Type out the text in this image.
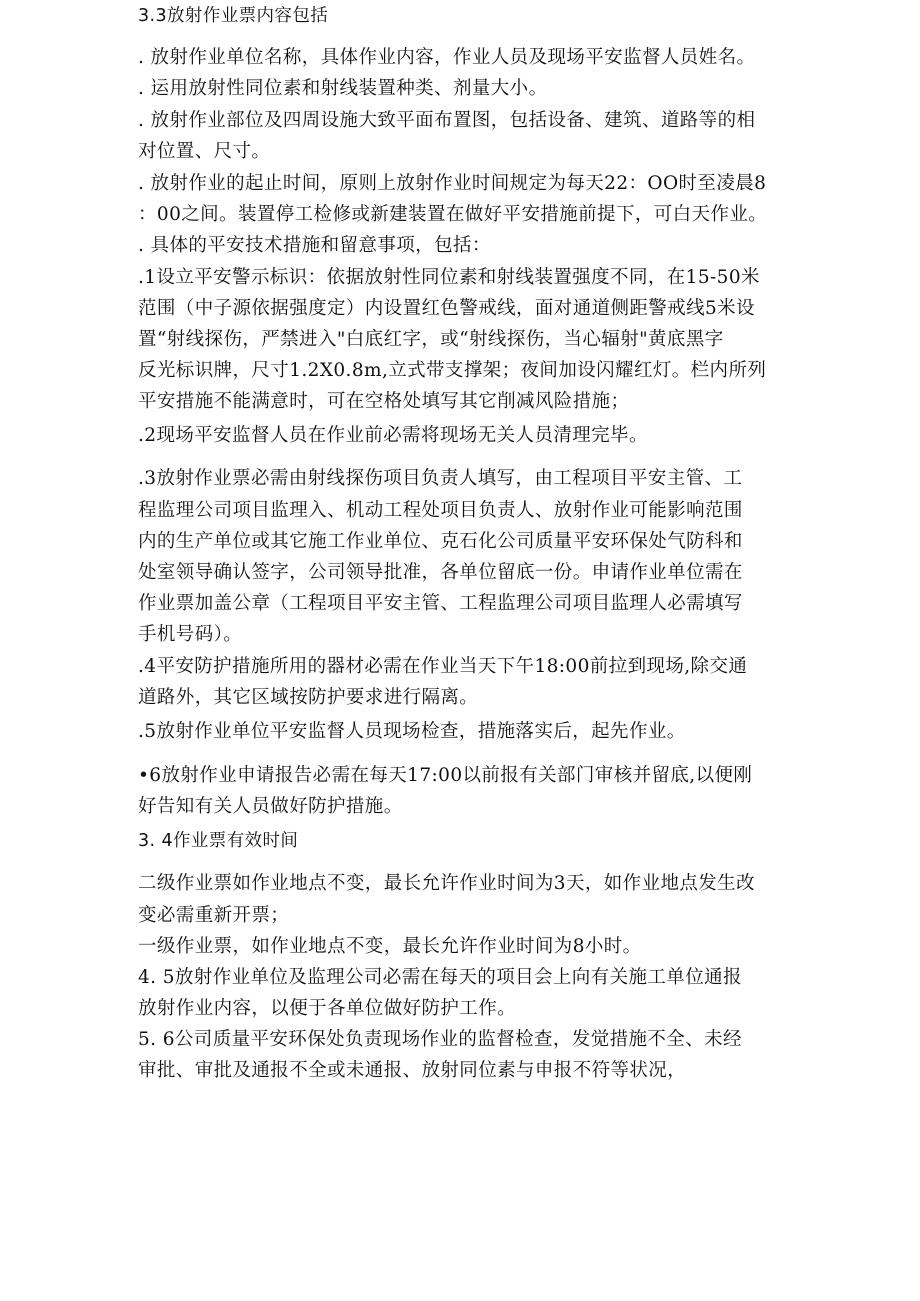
3.3放射作业票内容包括
. 放射作业单位名称，具体作业内容，作业人员及现场平安监督人员姓名。
. 运用放射性同位素和射线装置种类、剂量大小。
. 放射作业部位及四周设施大致平面布置图，包括设备、建筑、道路等的相
对位置、尺寸。
. 放射作业的起止时间，原则上放射作业时间规定为每天22：OO时至凌晨8
：00之间。装置停工检修或新建装置在做好平安措施前提下，可白天作业。
. 具体的平安技术措施和留意事项，包括：
.1设立平安警示标识：依据放射性同位素和射线装置强度不同，在15-50米
范围（中子源依据强度定）内设置红色警戒线，面对通道侧距警戒线5米设
置“射线探伤，严禁进入"白底红字，或“射线探伤，当心辐射"黄底黑字
反光标识牌，尺寸1.2X0.8m,立式带支撑架；夜间加设闪耀红灯。栏内所列
平安措施不能满意时，可在空格处填写其它削减风险措施；
.2现场平安监督人员在作业前必需将现场无关人员清理完毕。
.3放射作业票必需由射线探伤项目负责人填写，由工程项目平安主管、工
程监理公司项目监理入、机动工程处项目负责人、放射作业可能影响范围
内的生产单位或其它施工作业单位、克石化公司质量平安环保处气防科和
处室领导确认签字，公司领导批准，各单位留底一份。申请作业单位需在
作业票加盖公章（工程项目平安主管、工程监理公司项目监理人必需填写
手机号码）。
.4平安防护措施所用的器材必需在作业当天下午18:00前拉到现场,除交通
道路外，其它区域按防护要求进行隔离。
.5放射作业单位平安监督人员现场检查，措施落实后，起先作业。
•6放射作业申请报告必需在每天17:00以前报有关部门审核并留底,以便刚
好告知有关人员做好防护措施。
3. 4作业票有效时间
二级作业票如作业地点不变，最长允许作业时间为3天，如作业地点发生改
变必需重新开票；
一级作业票，如作业地点不变，最长允许作业时间为8小时。
4. 5放射作业单位及监理公司必需在每天的项目会上向有关施工单位通报
放射作业内容，以便于各单位做好防护工作。
5. 6公司质量平安环保处负责现场作业的监督检查，发觉措施不全、未经
审批、审批及通报不全或未通报、放射同位素与申报不符等状况，
